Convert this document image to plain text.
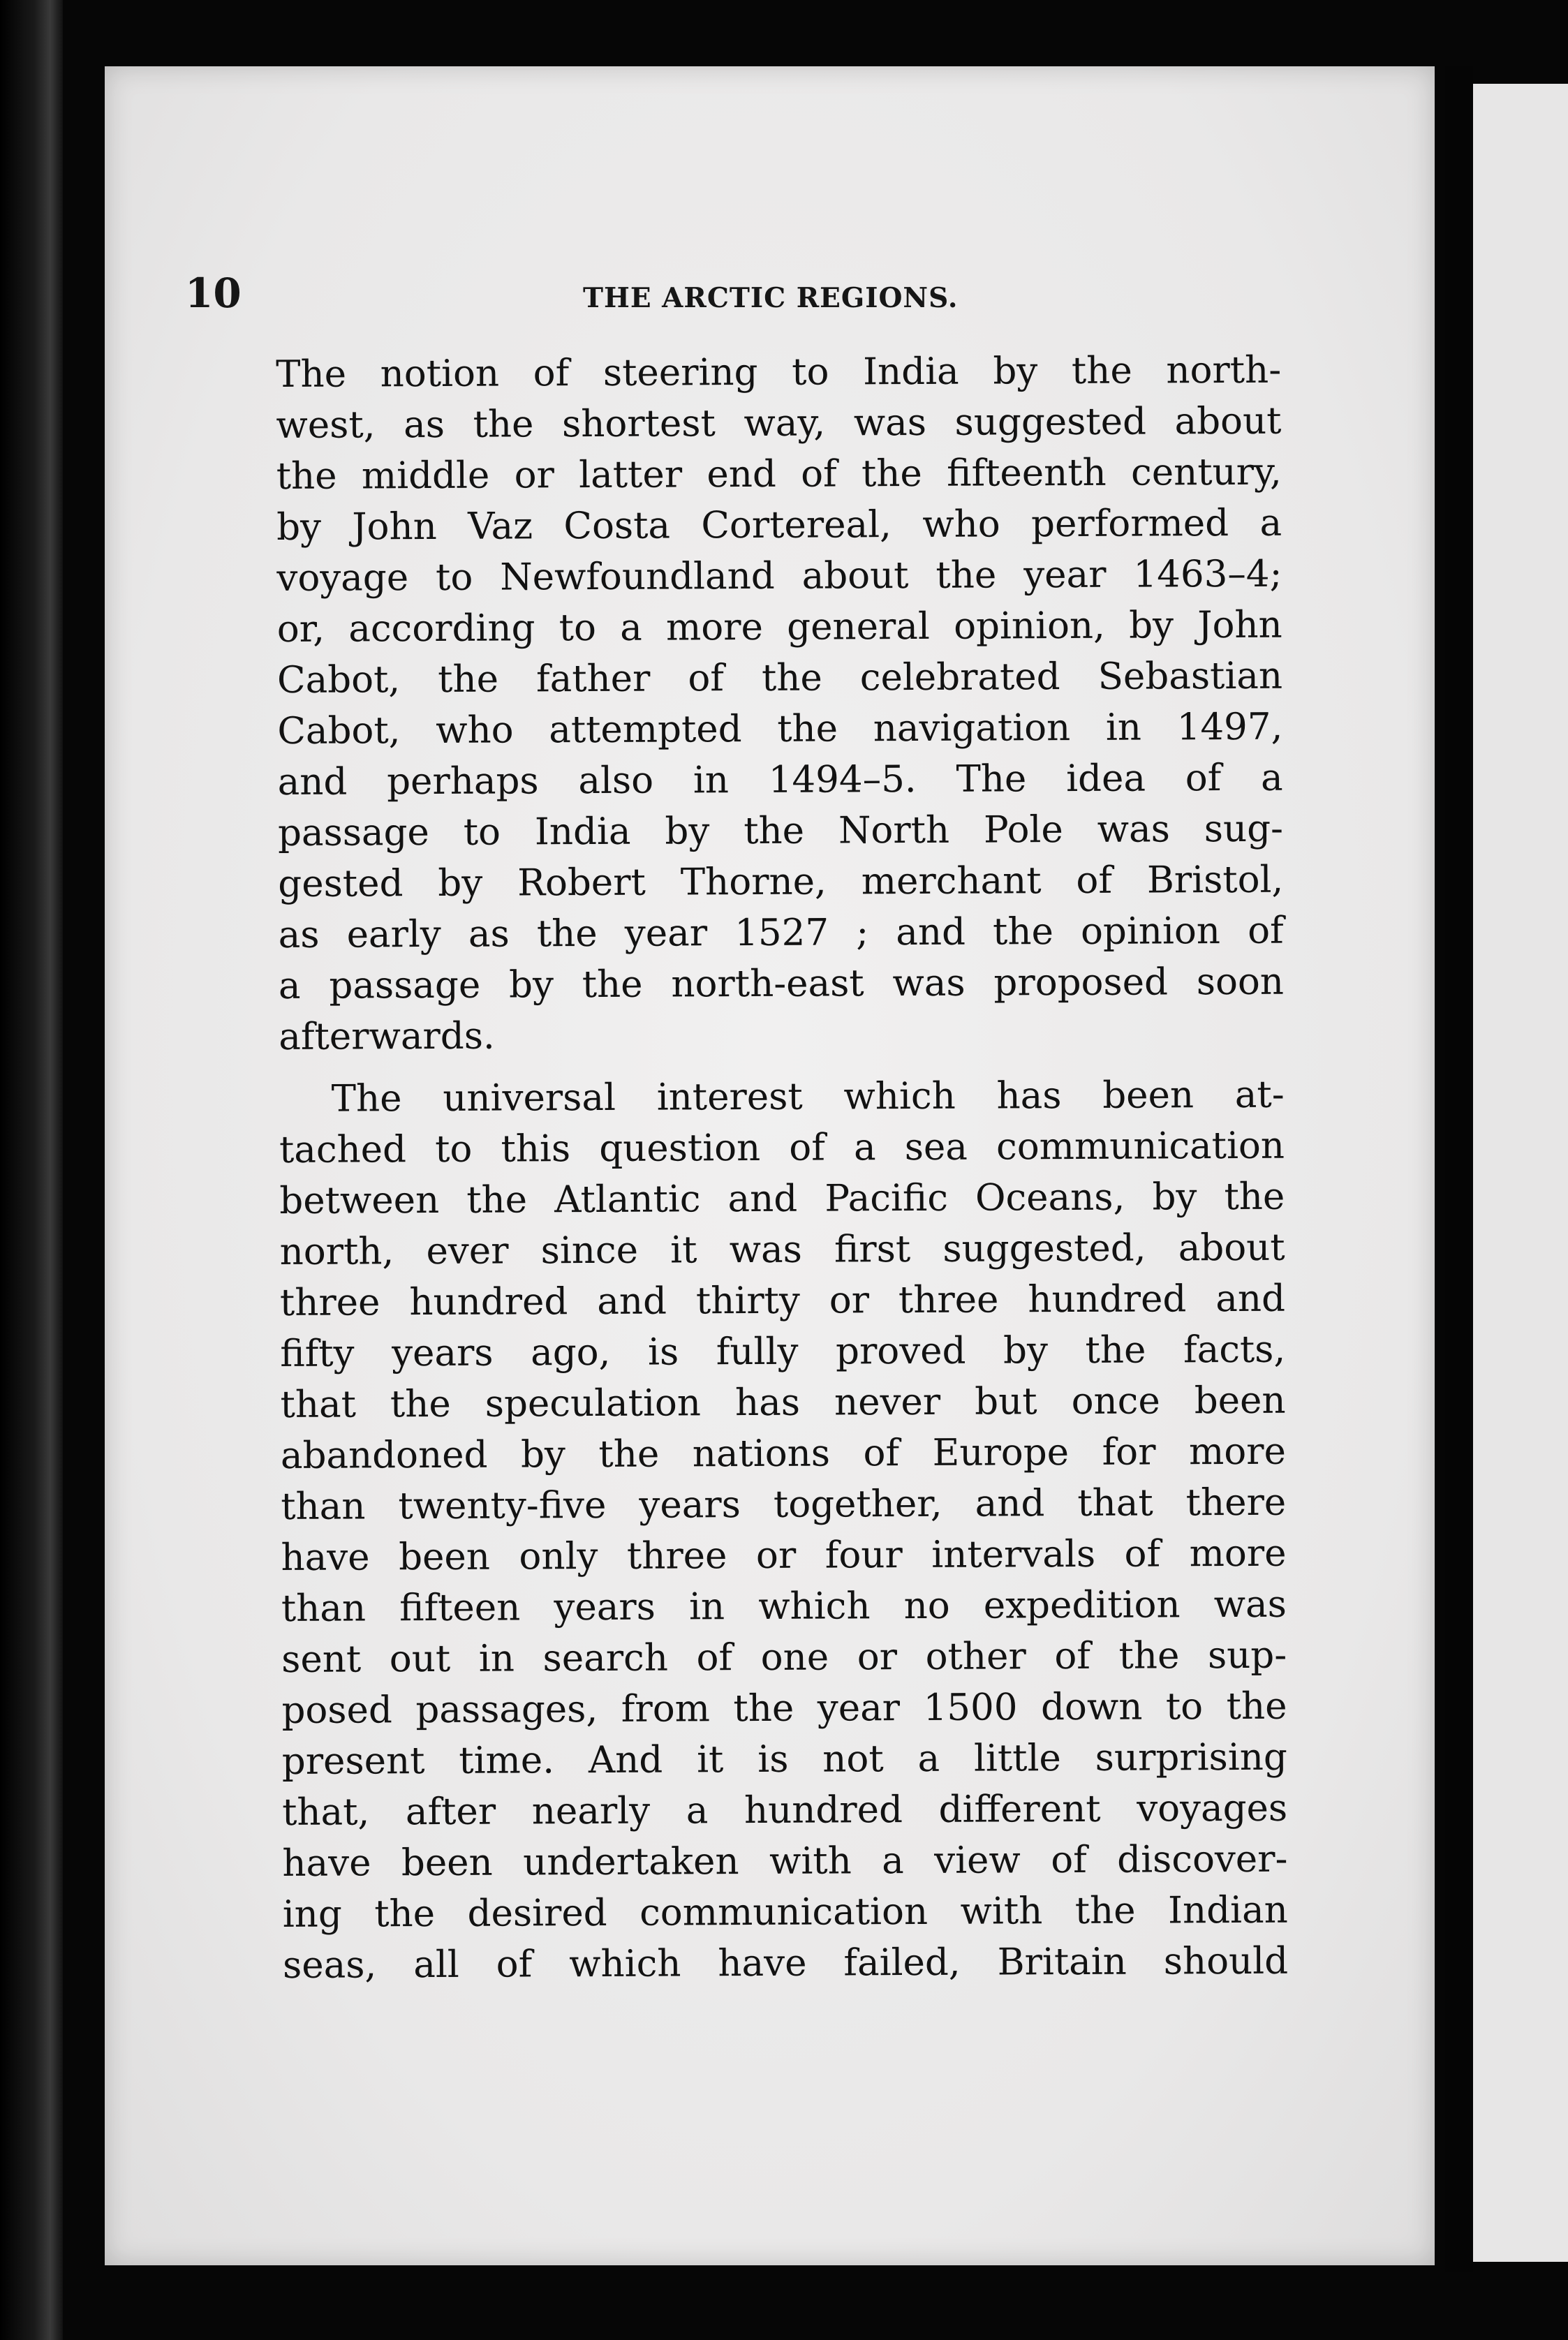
10	THE ARCTIC REGIONS.
The notion of steering to India by the north-
west, as the shortest way, was suggested about
the middle or latter end of the fifteenth century,
by John Vaz Costa Cortereal, who performed a
voyage to Newfoundland about the year 1463–4;
or, according to a more general opinion, by John
Cabot, the father of the celebrated Sebastian
Cabot, who attempted the navigation in 1497,
and perhaps also in 1494–5. The idea of a
passage to India by the North Pole was sug-
gested by Robert Thorne, merchant of Bristol,
as early as the year 1527 ; and the opinion of
a passage by the north-east was proposed soon
afterwards.
The universal interest which has been at-
tached to this question of a sea communication
between the Atlantic and Pacific Oceans, by the
north, ever since it was first suggested, about
three hundred and thirty or three hundred and
fifty years ago, is fully proved by the facts,
that the speculation has never but once been
abandoned by the nations of Europe for more
than twenty-five years together, and that there
have been only three or four intervals of more
than fifteen years in which no expedition was
sent out in search of one or other of the sup-
posed passages, from the year 1500 down to the
present time. And it is not a little surprising
that, after nearly a hundred different voyages
have been undertaken with a view of discover-
ing the desired communication with the Indian
seas, all of which have failed, Britain should
